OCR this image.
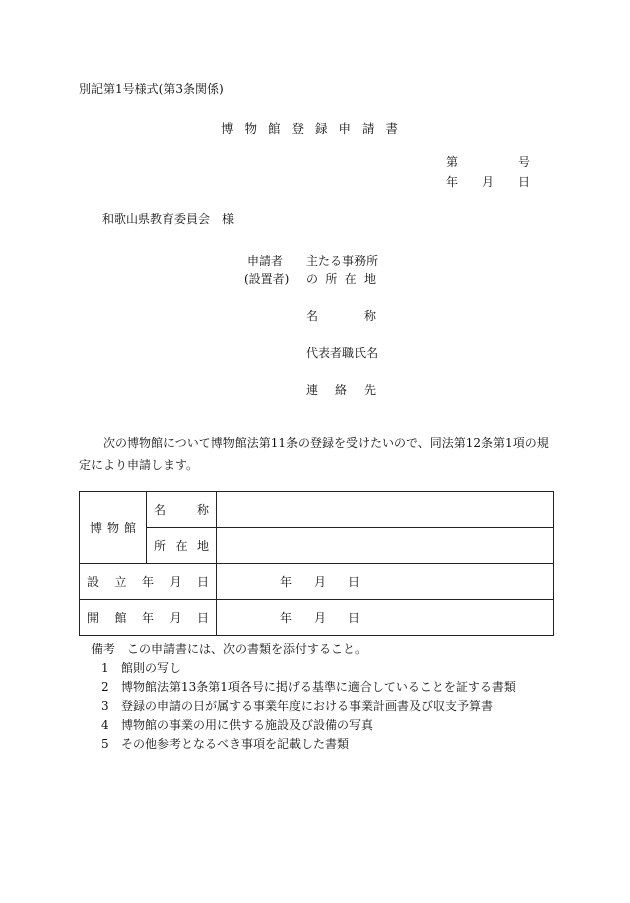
別記第1号様式(第3条関係)
博物館登録申請書
第	号
年 月 日
和歌山県教育委員会　様
申請者
(設置者)
主 た る 事 務 所
の 所 在 地
名	称
代 表 者 職 氏 名
連 絡 先
次の博物館について博物館法第11条の登録を受けたいので、同法第12条第1項の規定により申請します。
博 物 館	名 称	

	所 在 地	

設 立 年 月 日		年 月 日

開 館 年 月 日		年 月 日
備考　この申請書には、次の書類を添付すること。
1 館則の写し
2 博物館法第13条第1項各号に掲げる基準に適合していることを証する書類
3 登録の申請の日が属する事業年度における事業計画書及び収支予算書
4 博物館の事業の用に供する施設及び設備の写真
5 その他参考となるべき事項を記載した書類
